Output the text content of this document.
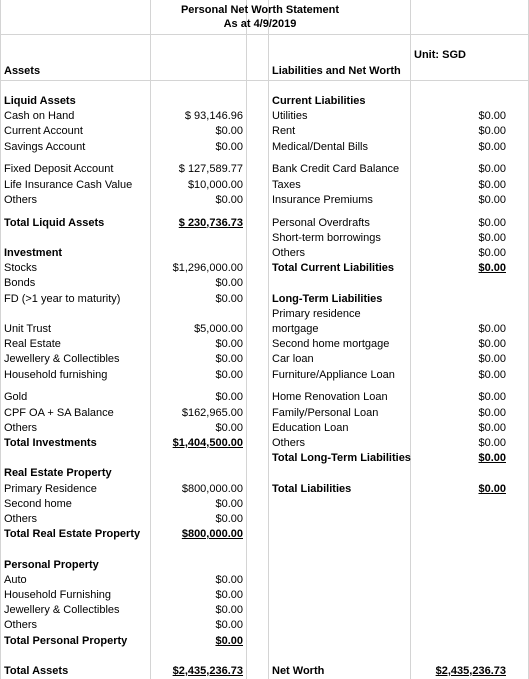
Personal Net Worth Statement
As at 4/9/2019
Unit: SGD
Assets	Liabilities and Net Worth
Liquid Assets
Cash on Hand	$ 93,146.96
Current Account	$0.00
Savings Account	$0.00
Fixed Deposit Account	$ 127,589.77
Life Insurance Cash Value	$10,000.00
Others	$0.00
Total Liquid Assets	$ 230,736.73
Investment
Stocks	$1,296,000.00
Bonds	$0.00
FD (>1 year to maturity)	$0.00
Unit Trust	$5,000.00
Real Estate	$0.00
Jewellery & Collectibles	$0.00
Household furnishing	$0.00
Gold	$0.00
CPF OA + SA Balance	$162,965.00
Others	$0.00
Total Investments	$1,404,500.00
Real Estate Property
Primary Residence	$800,000.00
Second home	$0.00
Others	$0.00
Total Real Estate Property	$800,000.00
Personal Property
Auto	$0.00
Household Furnishing	$0.00
Jewellery & Collectibles	$0.00
Others	$0.00
Total Personal Property	$0.00
Total Assets	$2,435,236.73
Current Liabilities
Utilities	$0.00
Rent	$0.00
Medical/Dental Bills	$0.00
Bank Credit Card Balance	$0.00
Taxes	$0.00
Insurance Premiums	$0.00
Personal Overdrafts	$0.00
Short-term borrowings	$0.00
Others	$0.00
Total Current Liabilities	$0.00
Long-Term Liabilities
Primary residence
mortgage	$0.00
Second home mortgage	$0.00
Car loan	$0.00
Furniture/Appliance Loan	$0.00
Home Renovation Loan	$0.00
Family/Personal Loan	$0.00
Education Loan	$0.00
Others	$0.00
Total Long-Term Liabilities	$0.00
Total Liabilities	$0.00
Net Worth	$2,435,236.73
